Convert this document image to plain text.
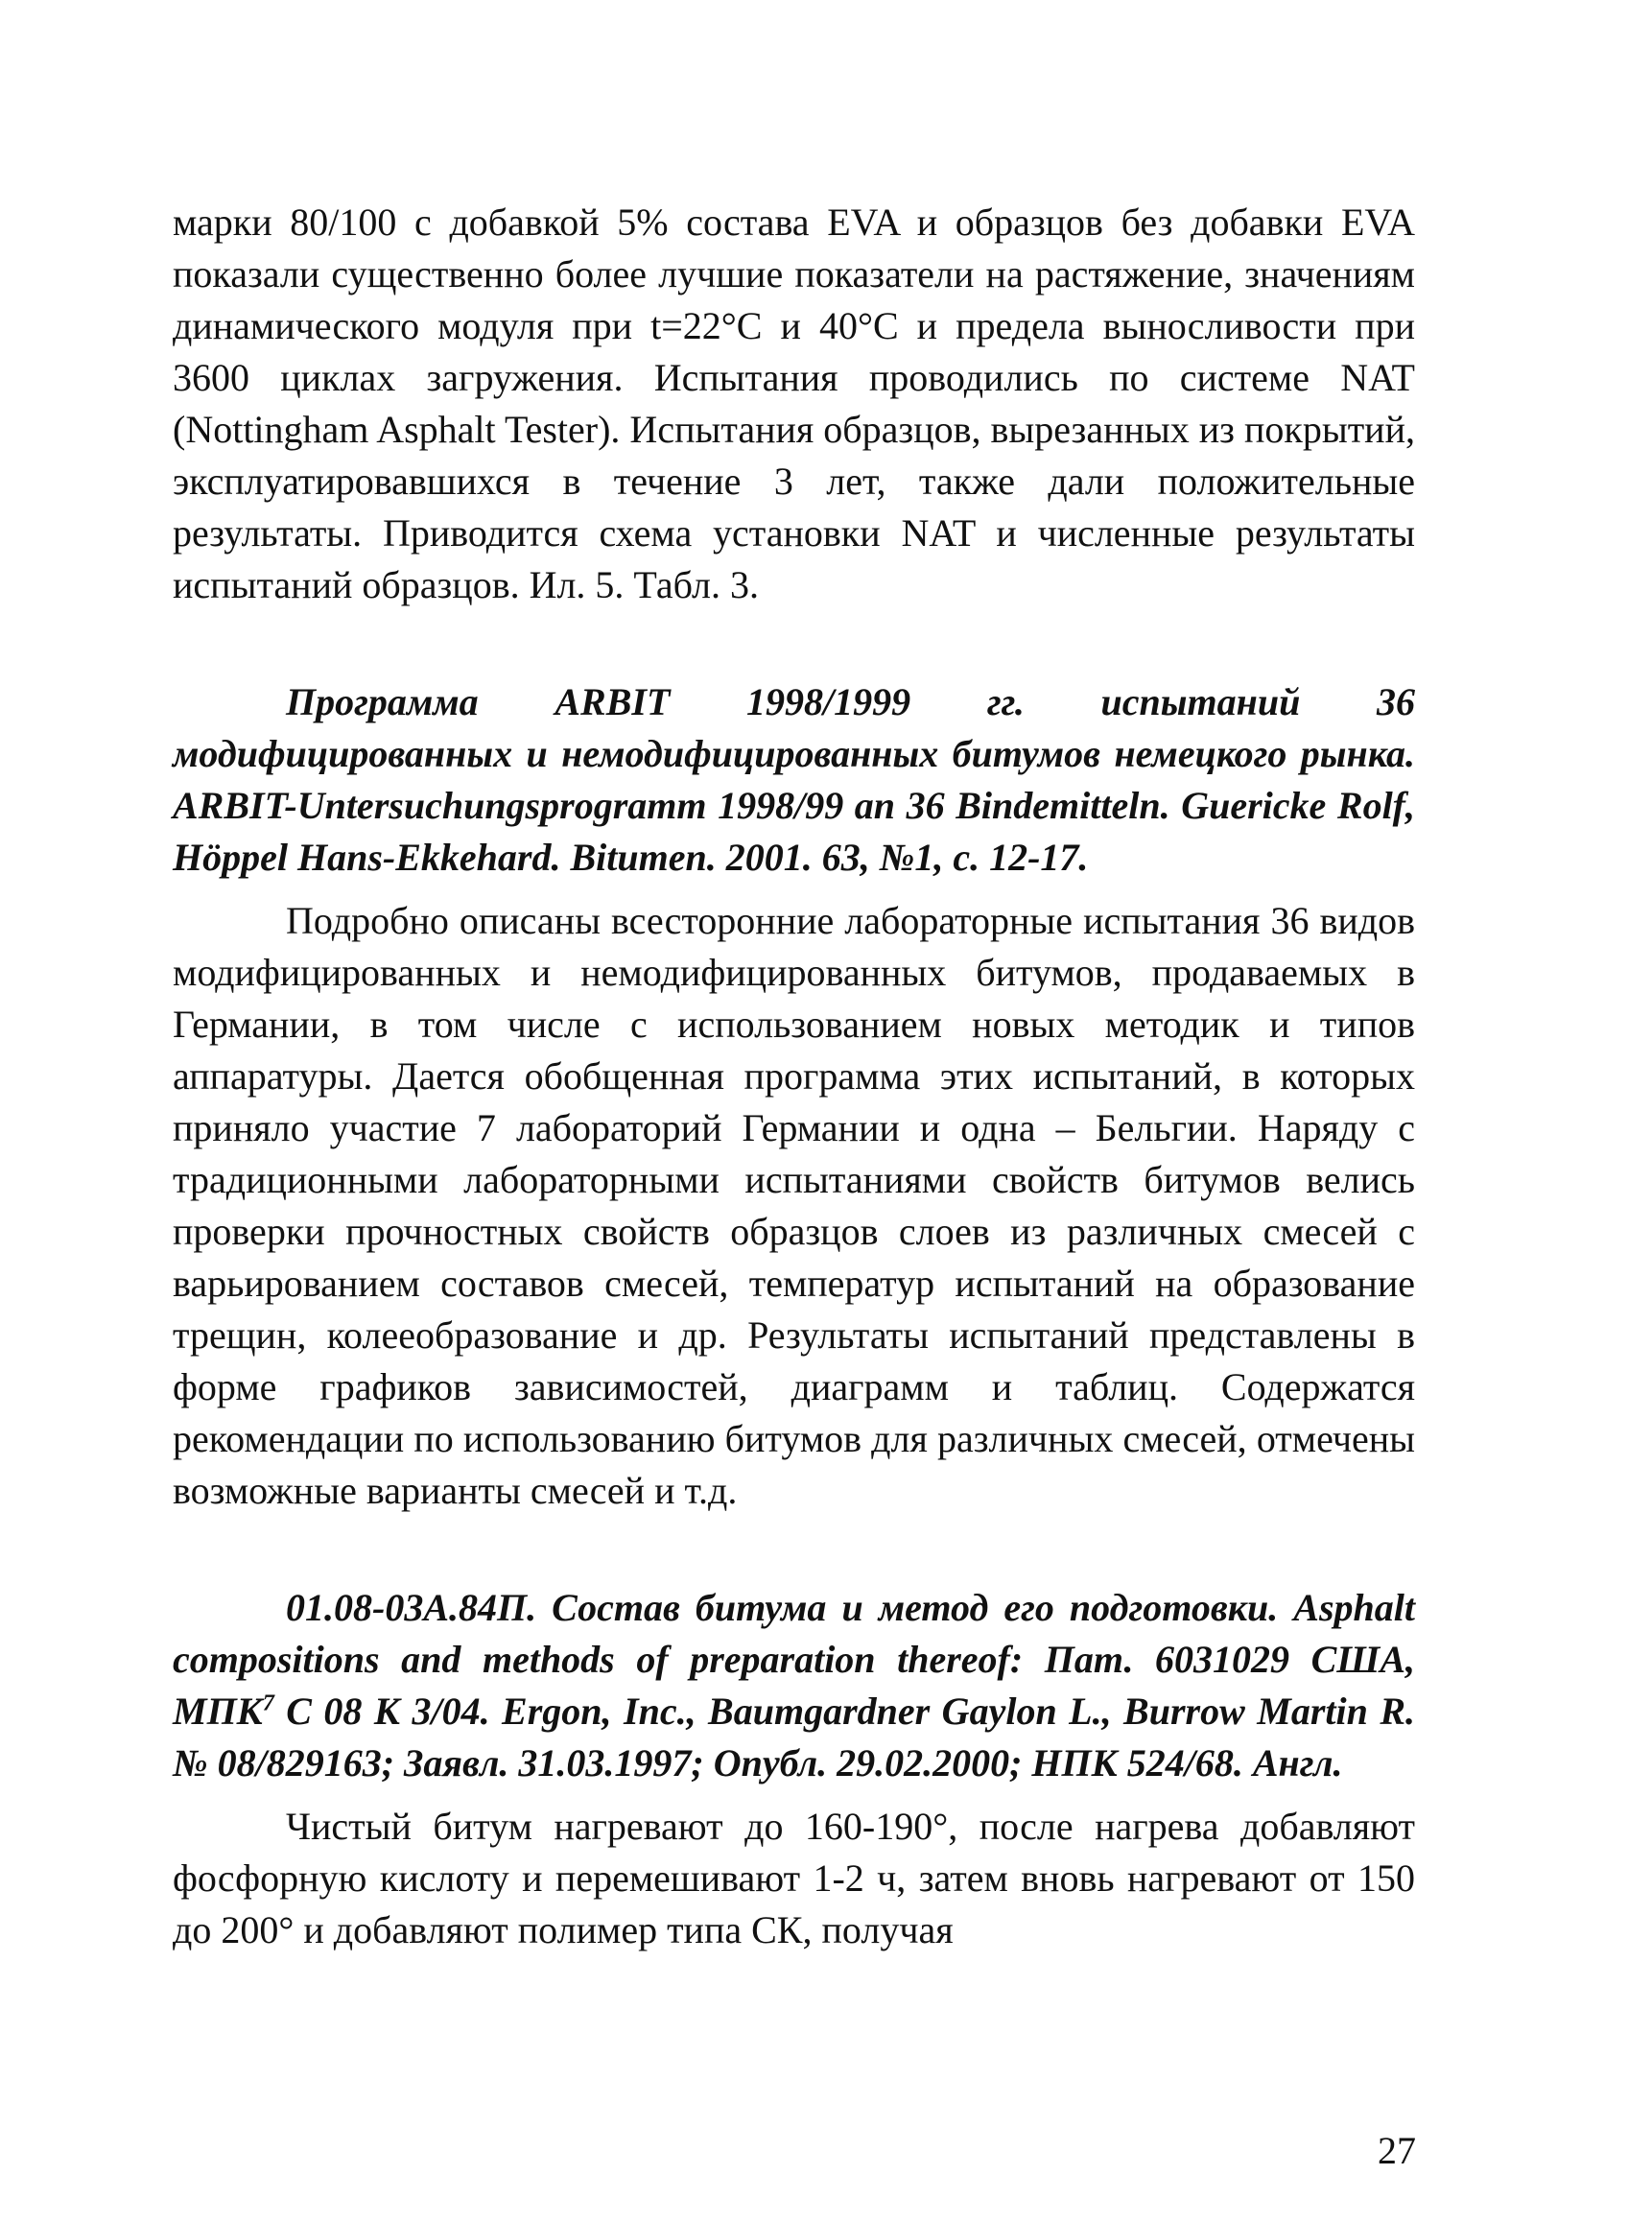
марки 80/100 с добавкой 5% состава EVA и образцов без добавки EVA показали существенно более лучшие показатели на растяжение, значениям динамического модуля при t=22°C и 40°C и предела выносливости при 3600 циклах загружения. Испытания проводились по системе NAT (Nottingham Asphalt Tester). Испытания образцов, вырезанных из покрытий, эксплуатировавшихся в течение 3 лет, также дали положительные результаты. Приводится схема установки NAT и численные результаты испытаний образцов. Ил. 5. Табл. 3.

Программа ARBIT 1998/1999 гг. испытаний 36 модифицированных и немодифицированных битумов немецкого рынка. ARBIT-Untersuchungsprogramm 1998/99 an 36 Bindemitteln. Guericke Rolf, Höppel Hans-Ekkehard. Bitumen. 2001. 63, №1, с. 12-17.

Подробно описаны всесторонние лабораторные испытания 36 видов модифицированных и немодифицированных битумов, продаваемых в Германии, в том числе с использованием новых методик и типов аппаратуры. Дается обобщенная программа этих испытаний, в которых приняло участие 7 лабораторий Германии и одна – Бельгии. Наряду с традиционными лабораторными испытаниями свойств битумов велись проверки прочностных свойств образцов слоев из различных смесей с варьированием составов смесей, температур испытаний на образование трещин, колееобразование и др. Результаты испытаний представлены в форме графиков зависимостей, диаграмм и таблиц. Содержатся рекомендации по использованию битумов для различных смесей, отмечены возможные варианты смесей и т.д.

01.08-03А.84П. Состав битума и метод его подготовки. Asphalt compositions and methods of preparation thereof: Пат. 6031029 США, МПК$^7$ С 08 К 3/04. Ergon, Inc., Baumgardner Gaylon L., Burrow Martin R. № 08/829163; Заявл. 31.03.1997; Опубл. 29.02.2000; НПК 524/68. Англ.

Чистый битум нагревают до 160-190°, после нагрева добавляют фосфорную кислоту и перемешивают 1-2 ч, затем вновь нагревают от 150 до 200° и добавляют полимер типа СК, получая

27
